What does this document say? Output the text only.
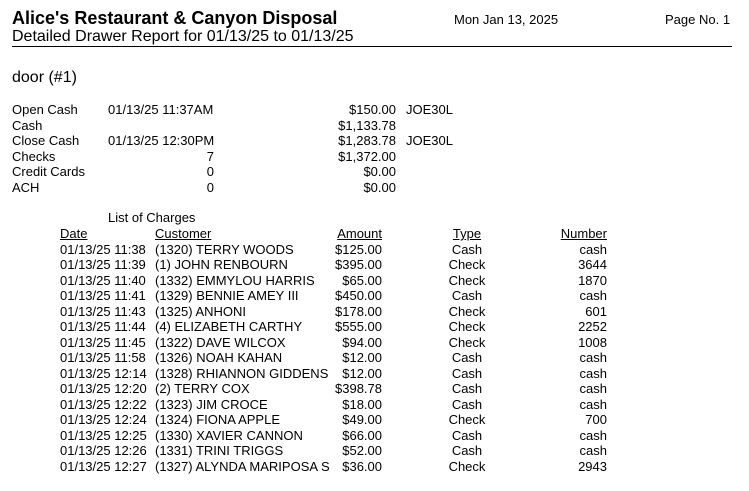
Alice's Restaurant & Canyon Disposal
Detailed Drawer Report for 01/13/25 to 01/13/25
Mon Jan 13, 2025	Page No. 1
door (#1)
Open Cash 01/13/25 11:37AM	$150.00 JOE30L
Cash	$1,133.78
Close Cash 01/13/25 12:30PM	$1,283.78 JOE30L
Checks	7	$1,372.00
Credit Cards	0	$0.00
ACH	0	$0.00
List of Charges
Date	Customer	Amount	Type	Number
01/13/25 11:38 (1320) TERRY WOODS	$125.00	Cash	cash
01/13/25 11:39 (1) JOHN RENBOURN	$395.00	Check	3644
01/13/25 11:40 (1332) EMMYLOU HARRIS	$65.00	Check	1870
01/13/25 11:41 (1329) BENNIE AMEY III	$450.00	Cash	cash
01/13/25 11:43 (1325) ANHONI	$178.00	Check	601
01/13/25 11:44 (4) ELIZABETH CARTHY	$555.00	Check	2252
01/13/25 11:45 (1322) DAVE WILCOX	$94.00	Check	1008
01/13/25 11:58 (1326) NOAH KAHAN	$12.00	Cash	cash
01/13/25 12:14 (1328) RHIANNON GIDDENS	$12.00	Cash	cash
01/13/25 12:20 (2) TERRY COX	$398.78	Cash	cash
01/13/25 12:22 (1323) JIM CROCE	$18.00	Cash	cash
01/13/25 12:24 (1324) FIONA APPLE	$49.00	Check	700
01/13/25 12:25 (1330) XAVIER CANNON	$66.00	Cash	cash
01/13/25 12:26 (1331) TRINI TRIGGS	$52.00	Cash	cash
01/13/25 12:27 (1327) ALYNDA MARIPOSA S $36.00	Check	2943
